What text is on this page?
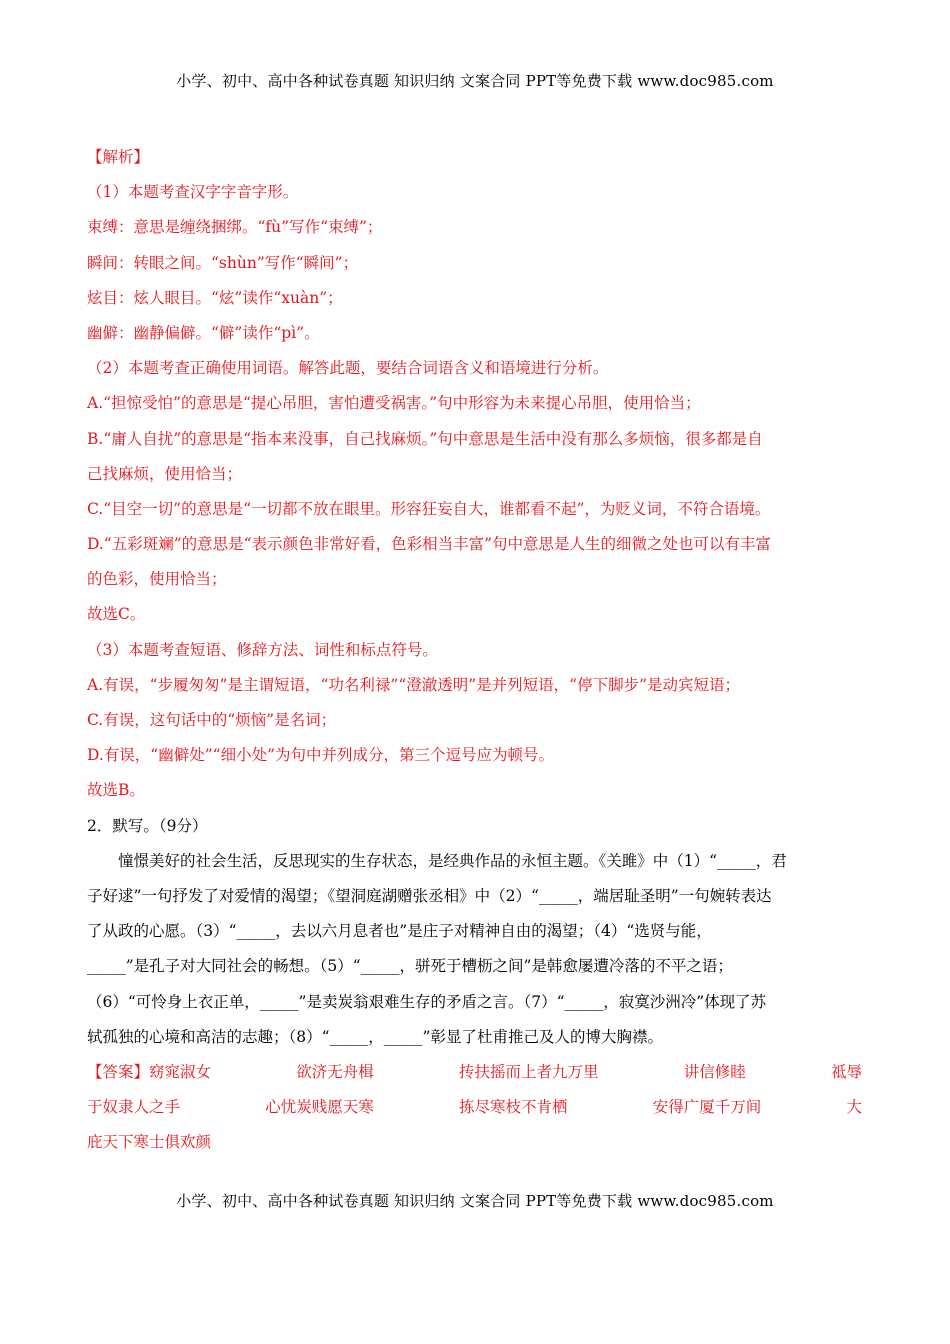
小学、初中、高中各种试卷真题 知识归纳 文案合同 PPT等免费下载 www.doc985.com
【解析】
（1）本题考查汉字字音字形。
束缚：意思是缠绕捆绑。“fù”写作“束缚”；
瞬间：转眼之间。“shùn”写作“瞬间”；
炫目：炫人眼目。“炫”读作“xuàn”；
幽僻：幽静偏僻。“僻”读作“pì”。
（2）本题考查正确使用词语。解答此题，要结合词语含义和语境进行分析。
A.“担惊受怕”的意思是“提心吊胆，害怕遭受祸害。”句中形容为未来提心吊胆，使用恰当；
B.“庸人自扰”的意思是“指本来没事，自己找麻烦。”句中意思是生活中没有那么多烦恼，很多都是自
己找麻烦，使用恰当；
C.“目空一切”的意思是“一切都不放在眼里。形容狂妄自大，谁都看不起”，为贬义词，不符合语境。
D.“五彩斑斓”的意思是“表示颜色非常好看，色彩相当丰富”句中意思是人生的细微之处也可以有丰富
的色彩，使用恰当；
故选C。
（3）本题考查短语、修辞方法、词性和标点符号。
A.有误，“步履匆匆”是主谓短语，“功名利禄”“澄澈透明”是并列短语，“停下脚步”是动宾短语；
C.有误，这句话中的“烦恼”是名词；
D.有误，“幽僻处”“细小处”为句中并列成分，第三个逗号应为顿号。
故选B。
2．默写。（9分）
憧憬美好的社会生活，反思现实的生存状态，是经典作品的永恒主题。《关雎》中（1）“_____，君
子好逑”一句抒发了对爱情的渴望；《望洞庭湖赠张丞相》中（2）“_____，端居耻圣明”一句婉转表达
了从政的心愿。（3）“_____，去以六月息者也”是庄子对精神自由的渴望；（4）“选贤与能，
_____”是孔子对大同社会的畅想。（5）“_____，骈死于槽枥之间”是韩愈屡遭冷落的不平之语；
（6）“可怜身上衣正单，_____”是卖炭翁艰难生存的矛盾之言。（7）“_____，寂寞沙洲冷”体现了苏
轼孤独的心境和高洁的志趣；（8）“_____，_____”彰显了杜甫推己及人的博大胸襟。
【答案】窈窕淑女	欲济无舟楫	抟扶摇而上者九万里	讲信修睦	祗辱
于奴隶人之手	心忧炭贱愿天寒	拣尽寒枝不肯栖	安得广厦千万间	大
庇天下寒士俱欢颜
小学、初中、高中各种试卷真题 知识归纳 文案合同 PPT等免费下载 www.doc985.com
